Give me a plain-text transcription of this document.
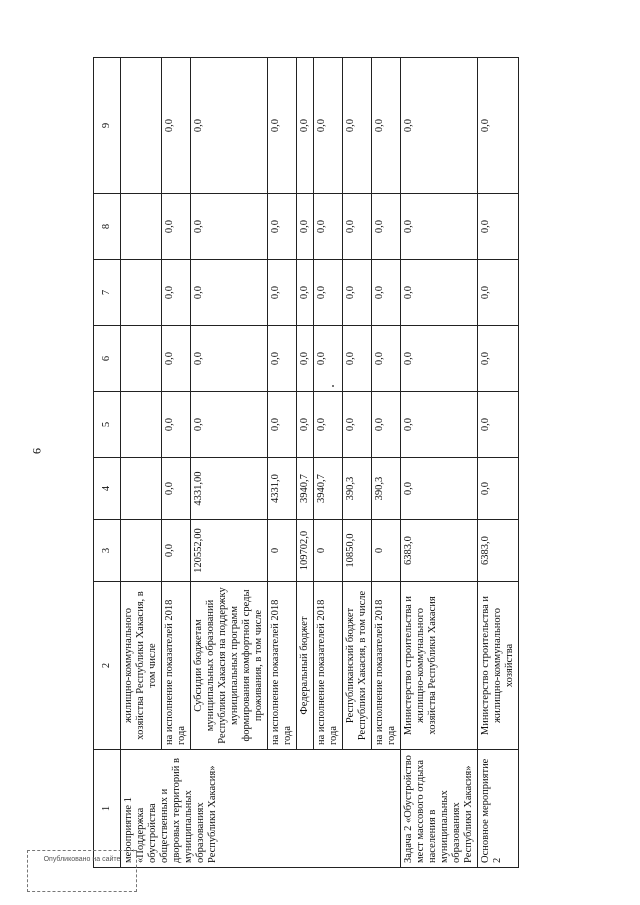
9
1	2	3	4	5	6	7	8	9
мероприятие 1 «Поддержка обустройства общественных и дворовых территорий в муниципальных образованиях Республики Хакасия»	жилищно-коммунального хозяйства Республики Хакасия, в том числе							
	на исполнение показателей 2018 года	0,0	0,0	0,0	0,0	0,0	0,0	0,0
	Субсидии бюджетам муниципальных образований Республики Хакасия на поддержку муниципальных программ формирования комфортной среды проживания, в том числе	120552,00	4331,00	0,0	0,0	0,0	0,0	0,0
	на исполнение показателей 2018 года	0	4331,0	0,0	0,0	0,0	0,0	0,0
	Федеральный бюджет	109702,0	3940,7	0,0	0,0	0,0	0,0	0,0
	на исполнение показателей 2018 года	0	3940,7	0,0	0,0	0,0	0,0	0,0
	Республиканский бюджет Республики Хакасия, в том числе	10850,0	390,3	0,0	0,0	0,0	0,0	0,0
	на исполнение показателей 2018 года	0	390,3	0,0	0,0	0,0	0,0	0,0
Задача 2 «Обустройство мест массового отдыха населения в муниципальных образованиях Республики Хакасия»	Министерство строительства и жилищно-коммунального хозяйства Республики Хакасия	6383,0	0,0	0,0	0,0	0,0	0,0	0,0
Основное мероприятие 2	Министерство строительства и жилищно-коммунального хозяйства	6383,0	0,0	0,0	0,0	0,0	0,0	0,0
Опубликовано на сайте
